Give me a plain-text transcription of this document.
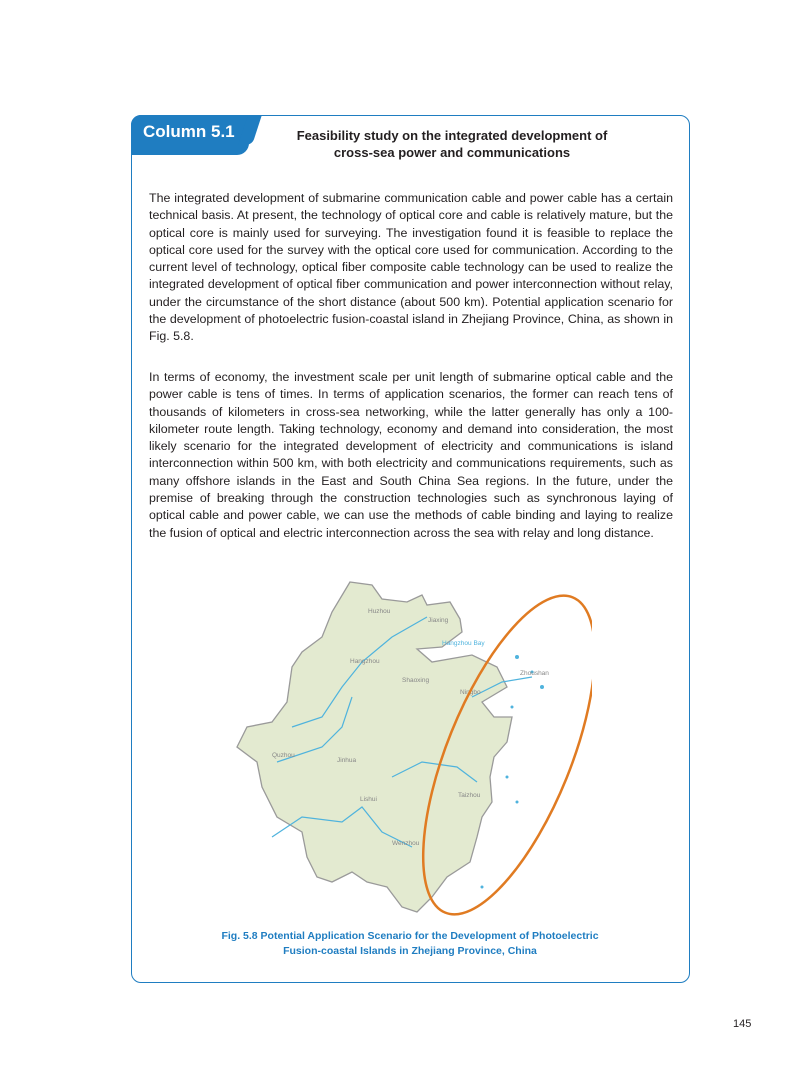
Column 5.1	Feasibility study on the integrated development of
cross-sea power and communications
The integrated development of submarine communication cable and power cable has a certain technical basis. At present, the technology of optical core and cable is relatively mature, but the optical core is mainly used for surveying. The investigation found it is feasible to replace the optical core used for the survey with the optical core used for communication. According to the current level of technology, optical fiber composite cable technology can be used to realize the integrated development of optical fiber communication and power interconnection without relay, under the circumstance of the short distance (about 500 km). Potential application scenario for the development of photoelectric fusion-coastal island in Zhejiang Province, China, as shown in Fig. 5.8.
In terms of economy, the investment scale per unit length of submarine optical cable and the power cable is tens of times. In terms of application scenarios, the former can reach tens of thousands of kilometers in cross-sea networking, while the latter generally has only a 100-kilometer route length. Taking technology, economy and demand into consideration, the most likely scenario for the integrated development of electricity and communications is island interconnection within 500 km, with both electricity and communications requirements, such as many offshore islands in the East and South China Sea regions. In the future, under the premise of breaking through the construction technologies such as synchronous laying of optical cable and power cable, we can use the methods of cable binding and laying to realize the fusion of optical and electric interconnection across the sea with relay and long distance.
Huzhou
Jiaxing
Hangzhou Bay
Hangzhou
Shaoxing
Ningbo
Zhoushan
Quzhou
Jinhua
Lishui
Taizhou
Wenzhou
Fig. 5.8 Potential Application Scenario for the Development of Photoelectric
Fusion-coastal Islands in Zhejiang Province, China
145
